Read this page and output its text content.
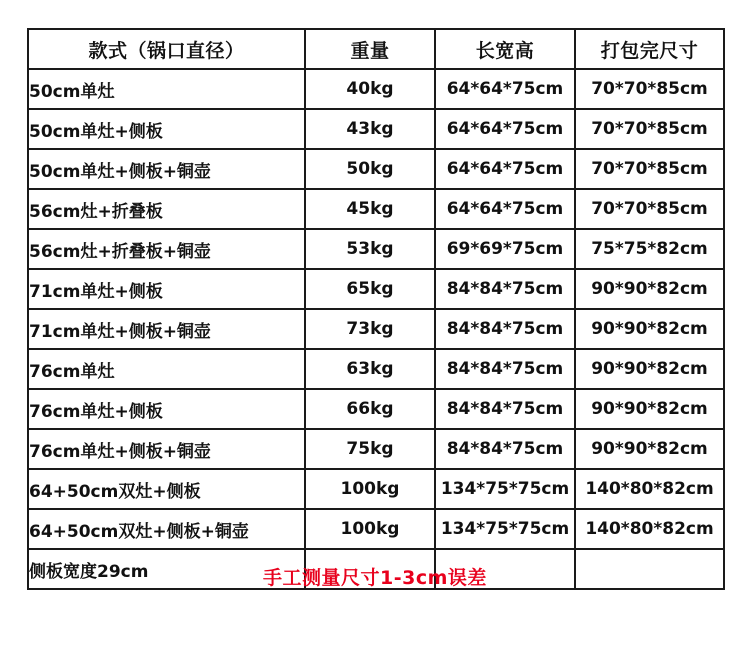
款式（锅口直径）	重量	长宽高	打包完尺寸
50cm单灶	40kg	64*64*75cm	70*70*85cm
50cm单灶+侧板	43kg	64*64*75cm	70*70*85cm
50cm单灶+侧板+铜壶	50kg	64*64*75cm	70*70*85cm
56cm灶+折叠板	45kg	64*64*75cm	70*70*85cm
56cm灶+折叠板+铜壶	53kg	69*69*75cm	75*75*82cm
71cm单灶+侧板	65kg	84*84*75cm	90*90*82cm
71cm单灶+侧板+铜壶	73kg	84*84*75cm	90*90*82cm
76cm单灶	63kg	84*84*75cm	90*90*82cm
76cm单灶+侧板	66kg	84*84*75cm	90*90*82cm
76cm单灶+侧板+铜壶	75kg	84*84*75cm	90*90*82cm
64+50cm双灶+侧板	100kg	134*75*75cm	140*80*82cm
64+50cm双灶+侧板+铜壶	100kg	134*75*75cm	140*80*82cm
侧板宽度29cm				手工测量尺寸1-3cm误差
